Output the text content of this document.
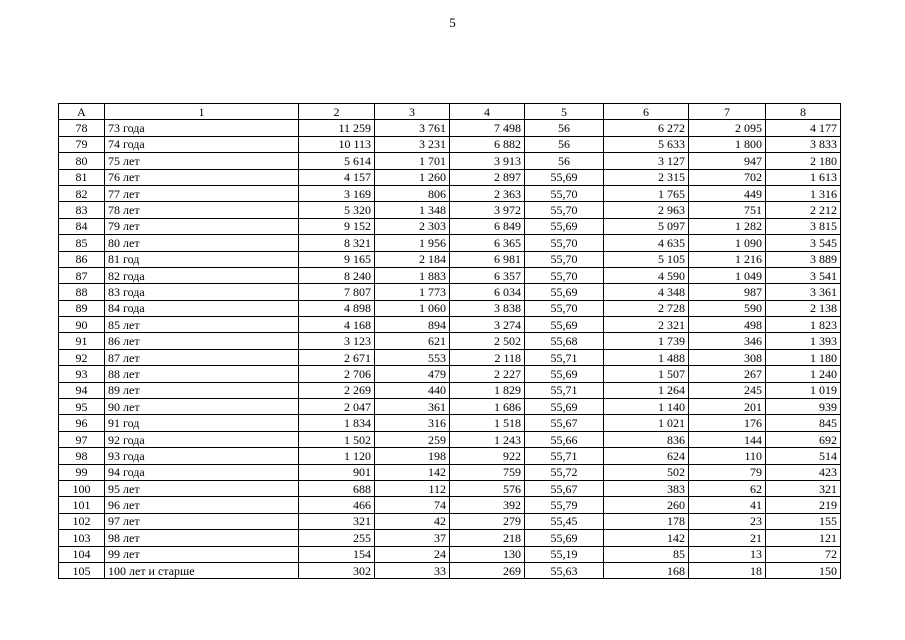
5
А	1	2	3	4	5	6	7	8
78	73 года	11 259	3 761	7 498	56	6 272	2 095	4 177
79	74 года	10 113	3 231	6 882	56	5 633	1 800	3 833
80	75 лет	5 614	1 701	3 913	56	3 127	947	2 180
81	76 лет	4 157	1 260	2 897	55,69	2 315	702	1 613
82	77 лет	3 169	806	2 363	55,70	1 765	449	1 316
83	78 лет	5 320	1 348	3 972	55,70	2 963	751	2 212
84	79 лет	9 152	2 303	6 849	55,69	5 097	1 282	3 815
85	80 лет	8 321	1 956	6 365	55,70	4 635	1 090	3 545
86	81 год	9 165	2 184	6 981	55,70	5 105	1 216	3 889
87	82 года	8 240	1 883	6 357	55,70	4 590	1 049	3 541
88	83 года	7 807	1 773	6 034	55,69	4 348	987	3 361
89	84 года	4 898	1 060	3 838	55,70	2 728	590	2 138
90	85 лет	4 168	894	3 274	55,69	2 321	498	1 823
91	86 лет	3 123	621	2 502	55,68	1 739	346	1 393
92	87 лет	2 671	553	2 118	55,71	1 488	308	1 180
93	88 лет	2 706	479	2 227	55,69	1 507	267	1 240
94	89 лет	2 269	440	1 829	55,71	1 264	245	1 019
95	90 лет	2 047	361	1 686	55,69	1 140	201	939
96	91 год	1 834	316	1 518	55,67	1 021	176	845
97	92 года	1 502	259	1 243	55,66	836	144	692
98	93 года	1 120	198	922	55,71	624	110	514
99	94 года	901	142	759	55,72	502	79	423
100	95 лет	688	112	576	55,67	383	62	321
101	96 лет	466	74	392	55,79	260	41	219
102	97 лет	321	42	279	55,45	178	23	155
103	98 лет	255	37	218	55,69	142	21	121
104	99 лет	154	24	130	55,19	85	13	72
105	100 лет и старше	302	33	269	55,63	168	18	150
